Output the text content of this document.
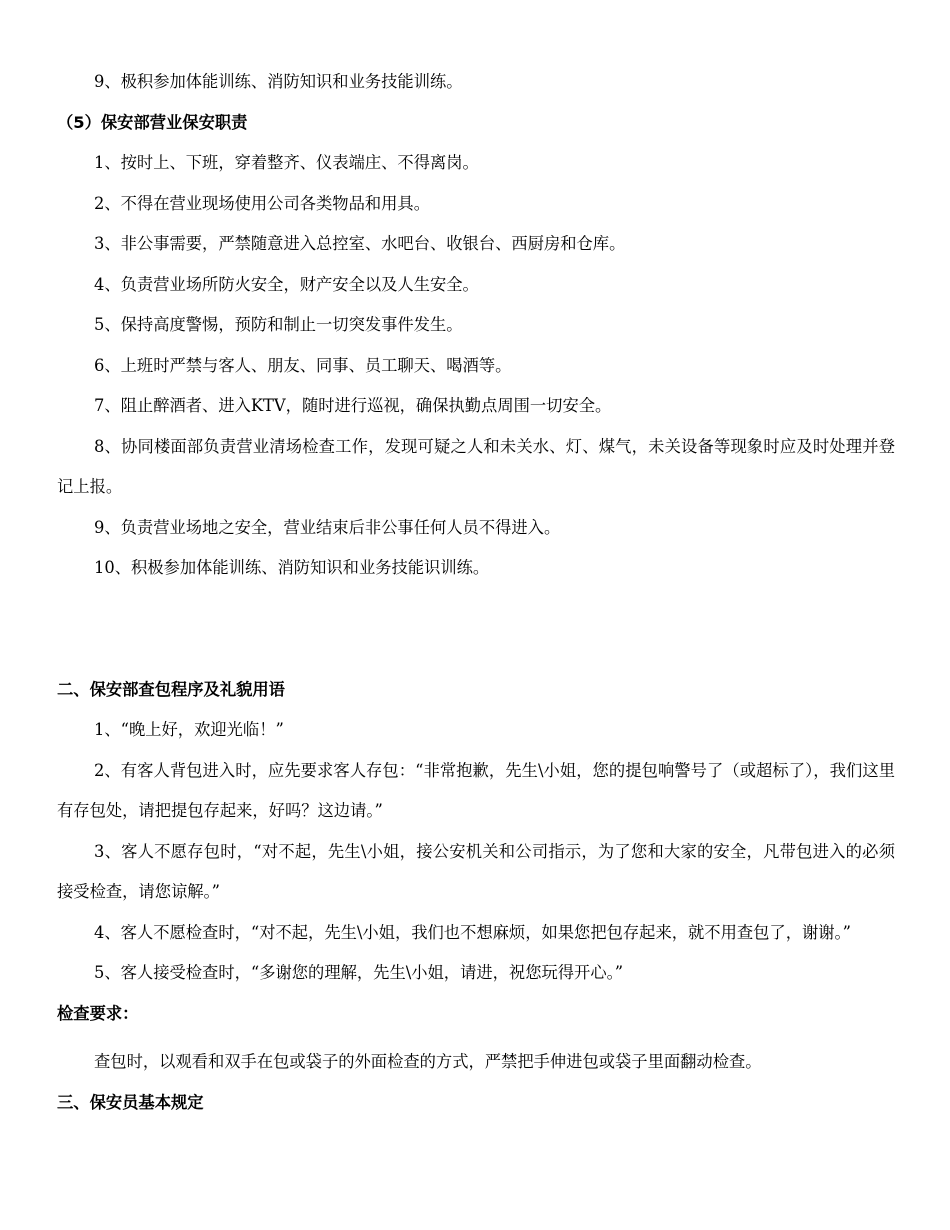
9、极积参加体能训练、消防知识和业务技能训练。

（5）保安部营业保安职责

1、按时上、下班，穿着整齐、仪表端庄、不得离岗。

2、不得在营业现场使用公司各类物品和用具。

3、非公事需要，严禁随意进入总控室、水吧台、收银台、西厨房和仓库。

4、负责营业场所防火安全，财产安全以及人生安全。

5、保持高度警惕，预防和制止一切突发事件发生。

6、上班时严禁与客人、朋友、同事、员工聊天、喝酒等。

7、阻止醉酒者、进入KTV，随时进行巡视，确保执勤点周围一切安全。

8、协同楼面部负责营业清场检查工作，发现可疑之人和未关水、灯、煤气，未关设备等现象时应及时处理并登记上报。

9、负责营业场地之安全，营业结束后非公事任何人员不得进入。

10、积极参加体能训练、消防知识和业务技能识训练。

二、保安部查包程序及礼貌用语

1、“晚上好，欢迎光临！”

2、有客人背包进入时，应先要求客人存包：“非常抱歉，先生\小姐，您的提包响警号了（或超标了），我们这里有存包处，请把提包存起来，好吗？这边请。”

3、客人不愿存包时，“对不起，先生\小姐，接公安机关和公司指示，为了您和大家的安全，凡带包进入的必须接受检查，请您谅解。”

4、客人不愿检查时，“对不起，先生\小姐，我们也不想麻烦，如果您把包存起来，就不用查包了，谢谢。”

5、客人接受检查时，“多谢您的理解，先生\小姐，请进，祝您玩得开心。”

检查要求：

查包时，以观看和双手在包或袋子的外面检查的方式，严禁把手伸进包或袋子里面翻动检查。

三、保安员基本规定
